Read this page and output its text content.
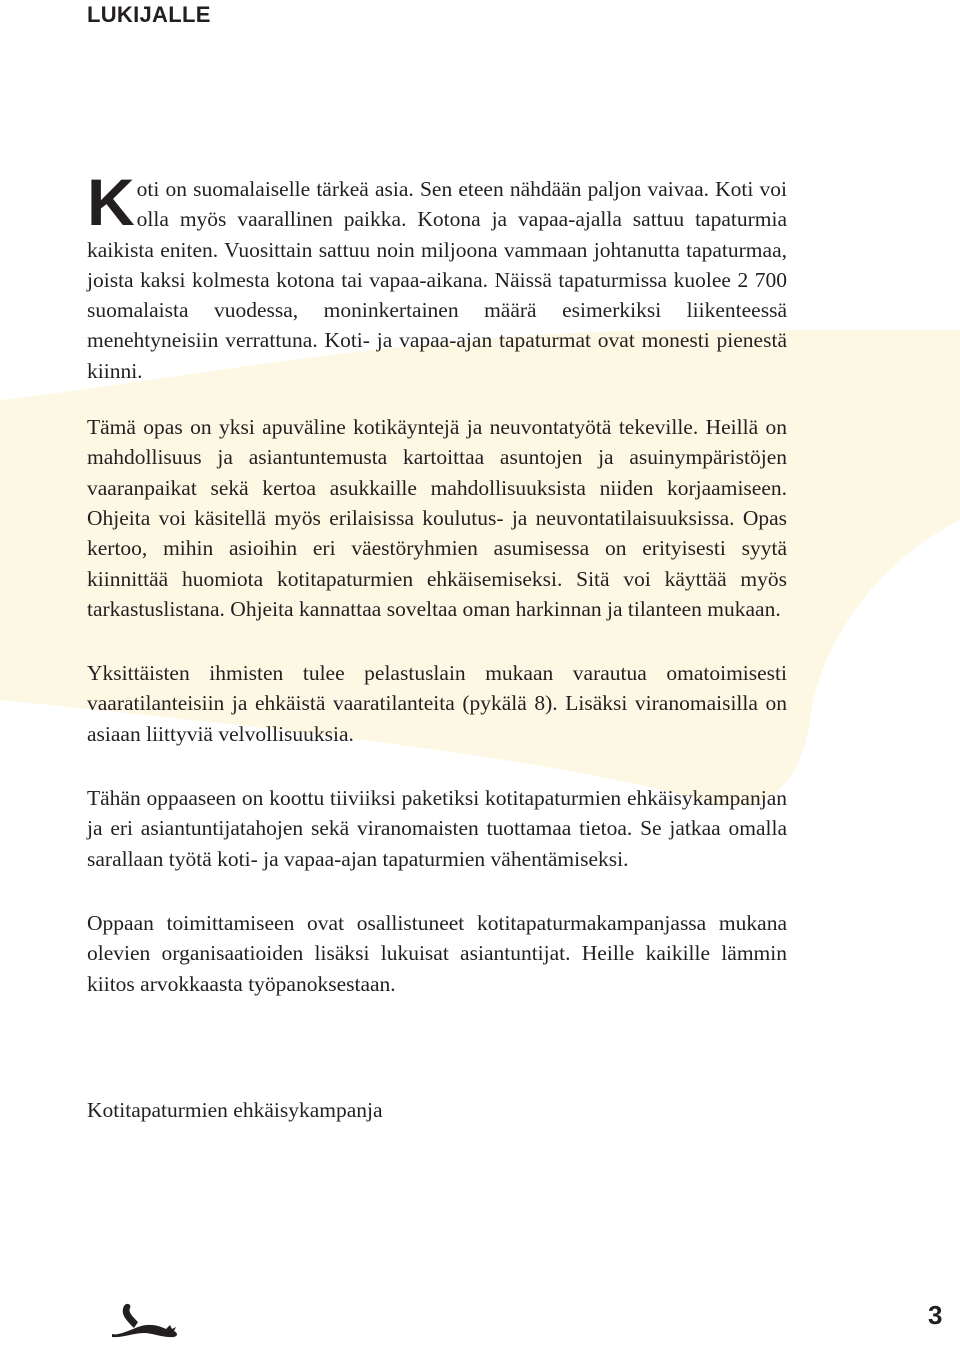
LUKIJALLE

Koti on suomalaiselle tärkeä asia. Sen eteen nähdään paljon vaivaa. Koti voi olla myös vaarallinen paikka. Kotona ja vapaa-ajalla sattuu tapaturmia kaikista eniten. Vuosittain sattuu noin miljoona vammaan johtanutta tapaturmaa, joista kaksi kolmesta kotona tai vapaa-aikana. Näissä tapaturmissa kuolee 2 700 suomalaista vuodessa, moninkertainen määrä esimerkiksi liikenteessä menehtyneisiin verrattuna. Koti- ja vapaa-ajan tapaturmat ovat monesti pienestä kiinni.

Tämä opas on yksi apuväline kotikäyntejä ja neuvontatyötä tekeville. Heillä on mahdollisuus ja asiantuntemusta kartoittaa asuntojen ja asuinympäristöjen vaaranpaikat sekä kertoa asukkaille mahdollisuuksista niiden korjaamiseen. Ohjeita voi käsitellä myös erilaisissa koulutus- ja neuvontatilaisuuksissa. Opas kertoo, mihin asioihin eri väestöryhmien asumisessa on erityisesti syytä kiinnittää huomiota kotitapaturmien ehkäisemiseksi. Sitä voi käyttää myös tarkastuslistana. Ohjeita kannattaa soveltaa oman harkinnan ja tilanteen mukaan.

Yksittäisten ihmisten tulee pelastuslain mukaan varautua omatoimisesti vaaratilanteisiin ja ehkäistä vaaratilanteita (pykälä 8). Lisäksi viranomaisilla on asiaan liittyviä velvollisuuksia.

Tähän oppaaseen on koottu tiiviiksi paketiksi kotitapaturmien ehkäisykampanjan ja eri asiantuntijatahojen sekä viranomaisten tuottamaa tietoa. Se jatkaa omalla sarallaan työtä koti- ja vapaa-ajan tapaturmien vähentämiseksi.

Oppaan toimittamiseen ovat osallistuneet kotitapaturmakampanjassa mukana olevien organisaatioiden lisäksi lukuisat asiantuntijat. Heille kaikille lämmin kiitos arvokkaasta työpanoksestaan.

Kotitapaturmien ehkäisykampanja
3
